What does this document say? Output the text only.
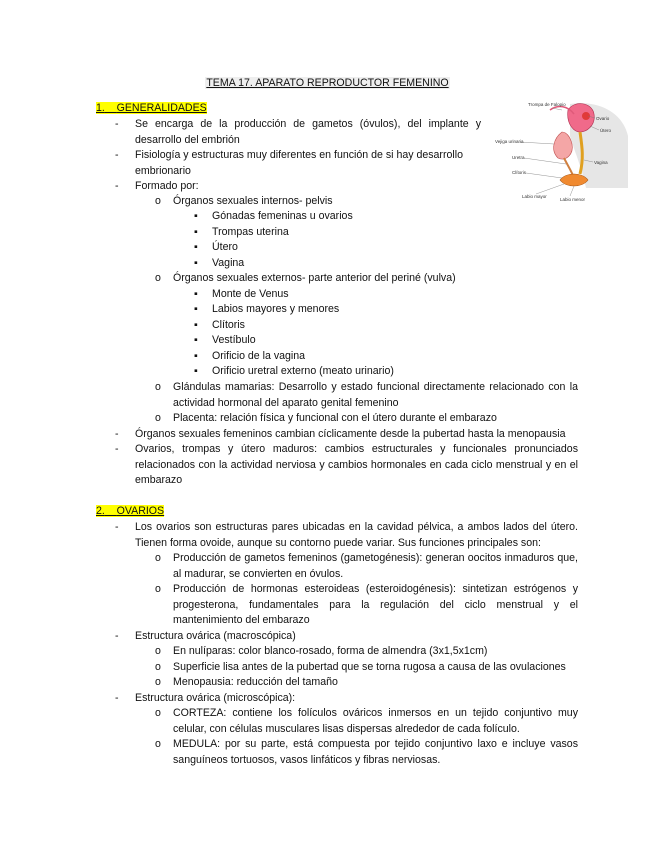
TEMA 17. APARATO REPRODUCTOR FEMENINO
1. GENERALIDADES
- Se encarga de la producción de gametos (óvulos), del implante y desarrollo del embrión
- Fisiología y estructuras muy diferentes en función de si hay desarrollo embrionario
- Formado por:
o Órganos sexuales internos- pelvis
▪ Gónadas femeninas u ovarios
▪ Trompas uterina
▪ Útero
▪ Vagina
o Órganos sexuales externos- parte anterior del periné (vulva)
▪ Monte de Venus
▪ Labios mayores y menores
▪ Clítoris
▪ Vestíbulo
▪ Orificio de la vagina
▪ Orificio uretral externo (meato urinario)
o Glándulas mamarias: Desarrollo y estado funcional directamente relacionado con la actividad hormonal del aparato genital femenino
o Placenta: relación física y funcional con el útero durante el embarazo
- Órganos sexuales femeninos cambian cíclicamente desde la pubertad hasta la menopausia
- Ovarios, trompas y útero maduros: cambios estructurales y funcionales pronunciados relacionados con la actividad nerviosa y cambios hormonales en cada ciclo menstrual y en el embarazo
2. OVARIOS
- Los ovarios son estructuras pares ubicadas en la cavidad pélvica, a ambos lados del útero. Tienen forma ovoide, aunque su contorno puede variar. Sus funciones principales son:
o Producción de gametos femeninos (gametogénesis): generan oocitos inmaduros que, al madurar, se convierten en óvulos.
o Producción de hormonas esteroideas (esteroidogénesis): sintetizan estrógenos y progesterona, fundamentales para la regulación del ciclo menstrual y el mantenimiento del embarazo
- Estructura ovárica (macroscópica)
o En nulíparas: color blanco-rosado, forma de almendra (3x1,5x1cm)
o Superficie lisa antes de la pubertad que se torna rugosa a causa de las ovulaciones
o Menopausia: reducción del tamaño
- Estructura ovárica (microscópica):
o CORTEZA: contiene los folículos ováricos inmersos en un tejido conjuntivo muy celular, con células musculares lisas dispersas alrededor de cada folículo.
o MEDULA: por su parte, está compuesta por tejido conjuntivo laxo e incluye vasos sanguíneos tortuosos, vasos linfáticos y fibras nerviosas.
Trompa de Falopio
Ovario
Útero
Vejiga urinaria
Uretra
Clítoris
Vagina
Labio mayor
Labio menor
